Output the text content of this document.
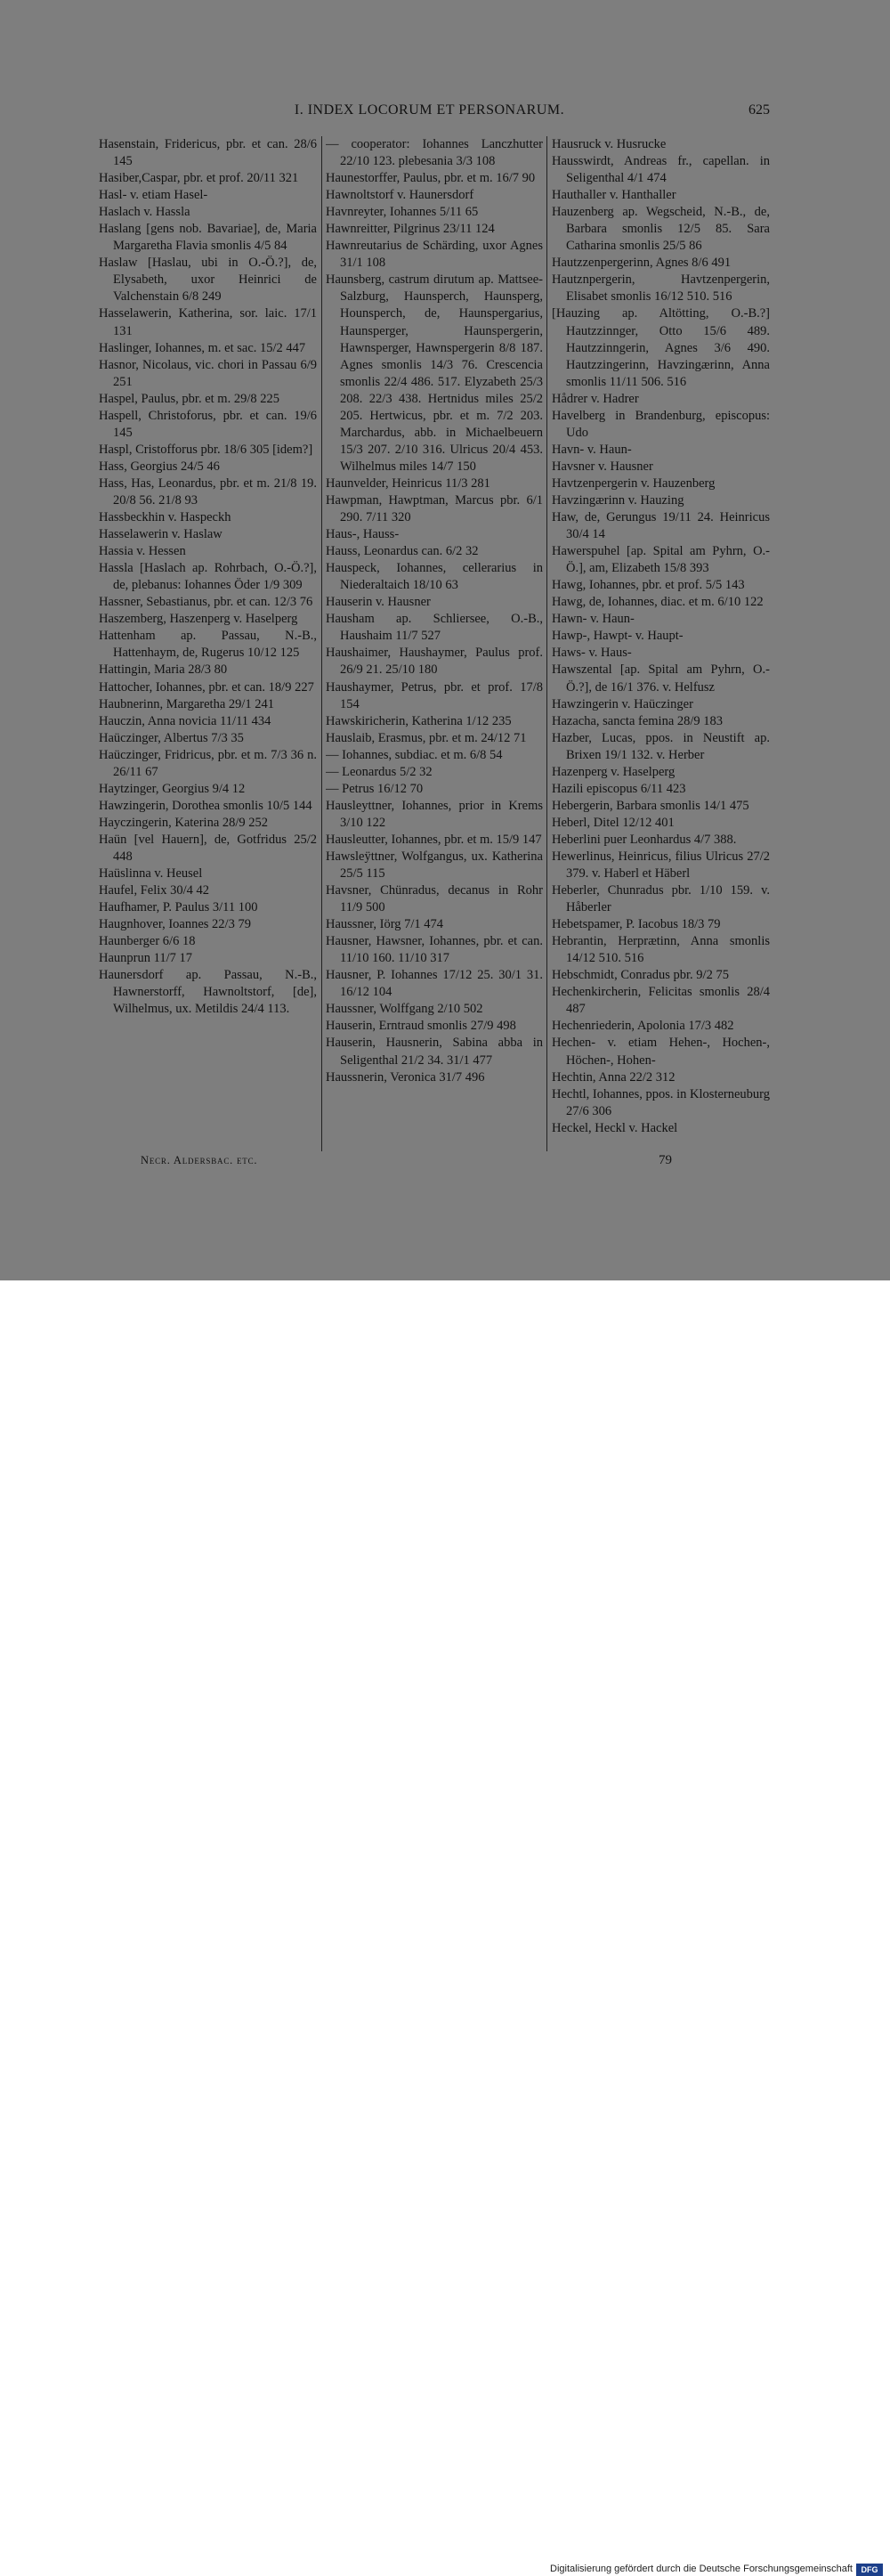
I. INDEX LOCORUM ET PERSONARUM.	625
Hasenstain, Fridericus, pbr. et can. 28/6 145
Hasiber,Caspar, pbr. et prof. 20/11 321
Hasl- v. etiam Hasel-
Haslach v. Hassla
Haslang [gens nob. Bavariae], de, Maria Margaretha Flavia smonlis 4/5 84
Haslaw [Haslau, ubi in O.-Ö.?], de, Elysabeth, uxor Heinrici de Valchenstain 6/8 249
Hasselawerin, Katherina, sor. laic. 17/1 131
Haslinger, Iohannes, m. et sac. 15/2 447
Hasnor, Nicolaus, vic. chori in Passau 6/9 251
Haspel, Paulus, pbr. et m. 29/8 225
Haspell, Christoforus, pbr. et can. 19/6 145
Haspl, Cristofforus pbr. 18/6 305 [idem?]
Hass, Georgius 24/5 46
Hass, Has, Leonardus, pbr. et m. 21/8 19. 20/8 56. 21/8 93
Hassbeckhin v. Haspeckh
Hasselawerin v. Haslaw
Hassia v. Hessen
Hassla [Haslach ap. Rohrbach, O.-Ö.?], de, plebanus: Iohannes Öder 1/9 309
Hassner, Sebastianus, pbr. et can. 12/3 76
Haszemberg, Haszenperg v. Haselperg
Hattenham ap. Passau, N.-B., Hattenhaym, de, Rugerus 10/12 125
Hattingin, Maria 28/3 80
Hattocher, Iohannes, pbr. et can. 18/9 227
Haubnerinn, Margaretha 29/1 241
Hauczin, Anna novicia 11/11 434
Haüczinger, Albertus 7/3 35
Haüczinger, Fridricus, pbr. et m. 7/3 36 n. 26/11 67
Haytzinger, Georgius 9/4 12
Hawzingerin, Dorothea smonlis 10/5 144
Hayczingerin, Katerina 28/9 252
Haün [vel Hauern], de, Gotfridus 25/2 448
Haüslinna v. Heusel
Haufel, Felix 30/4 42
Haufhamer, P. Paulus 3/11 100
Haugnhover, Ioannes 22/3 79
Haunberger 6/6 18
Haunprun 11/7 17
Haunersdorf ap. Passau, N.-B., Hawnerstorff, Hawnoltstorf, [de], Wilhelmus, ux. Metildis 24/4 113.
— cooperator: Iohannes Lanczhutter 22/10 123. plebesania 3/3 108
Haunestorffer, Paulus, pbr. et m. 16/7 90
Hawnoltstorf v. Haunersdorf
Havnreyter, Iohannes 5/11 65
Hawnreitter, Pilgrinus 23/11 124
Hawnreutarius de Schärding, uxor Agnes 31/1 108
Haunsberg, castrum dirutum ap. Mattsee-Salzburg, Haunsperch, Haunsperg, Hounsperch, de, Haunspergarius, Haunsperger, Haunspergerin, Hawnsperger, Hawnspergerin 8/8 187. Agnes smonlis 14/3 76. Crescencia smonlis 22/4 486. 517. Elyzabeth 25/3 208. 22/3 438. Hertnidus miles 25/2 205. Hertwicus, pbr. et m. 7/2 203. Marchardus, abb. in Michaelbeuern 15/3 207. 2/10 316. Ulricus 20/4 453. Wilhelmus miles 14/7 150
Haunvelder, Heinricus 11/3 281
Hawpman, Hawptman, Marcus pbr. 6/1 290. 7/11 320
Haus-, Hauss-
Hauss, Leonardus can. 6/2 32
Hauspeck, Iohannes, cellerarius in Niederaltaich 18/10 63
Hauserin v. Hausner
Hausham ap. Schliersee, O.-B., Haushaim 11/7 527
Haushaimer, Haushaymer, Paulus prof. 26/9 21. 25/10 180
Haushaymer, Petrus, pbr. et prof. 17/8 154
Hawskiricherin, Katherina 1/12 235
Hauslaib, Erasmus, pbr. et m. 24/12 71
— Iohannes, subdiac. et m. 6/8 54
— Leonardus 5/2 32
— Petrus 16/12 70
Hausleyttner, Iohannes, prior in Krems 3/10 122
Hausleutter, Iohannes, pbr. et m. 15/9 147
Hawsleÿttner, Wolfgangus, ux. Katherina 25/5 115
Havsner, Chünradus, decanus in Rohr 11/9 500
Haussner, Iörg 7/1 474
Hausner, Hawsner, Iohannes, pbr. et can. 11/10 160. 11/10 317
Hausner, P. Iohannes 17/12 25. 30/1 31. 16/12 104
Haussner, Wolffgang 2/10 502
Hauserin, Erntraud smonlis 27/9 498
Hauserin, Hausnerin, Sabina abba in Seligenthal 21/2 34. 31/1 477
Haussnerin, Veronica 31/7 496
Hausruck v. Husrucke
Hausswirdt, Andreas fr., capellan. in Seligenthal 4/1 474
Hauthaller v. Hanthaller
Hauzenberg ap. Wegscheid, N.-B., de, Barbara smonlis 12/5 85. Sara Catharina smonlis 25/5 86
Hautzzenpergerinn, Agnes 8/6 491
Hautznpergerin, Havtzenpergerin, Elisabet smonlis 16/12 510. 516
[Hauzing ap. Altötting, O.-B.?] Hautzzinnger, Otto 15/6 489. Hautzzinngerin, Agnes 3/6 490. Hautzzingerinn, Havzingærinn, Anna smonlis 11/11 506. 516
Hådrer v. Hadrer
Havelberg in Brandenburg, episcopus: Udo
Havn- v. Haun-
Havsner v. Hausner
Havtzenpergerin v. Hauzenberg
Havzingærinn v. Hauzing
Haw, de, Gerungus 19/11 24. Heinricus 30/4 14
Hawerspuhel [ap. Spital am Pyhrn, O.-Ö.], am, Elizabeth 15/8 393
Hawg, Iohannes, pbr. et prof. 5/5 143
Hawg, de, Iohannes, diac. et m. 6/10 122
Hawn- v. Haun-
Hawp-, Hawpt- v. Haupt-
Haws- v. Haus-
Hawszental [ap. Spital am Pyhrn, O.-Ö.?], de 16/1 376. v. Helfusz
Hawzingerin v. Haüczinger
Hazacha, sancta femina 28/9 183
Hazber, Lucas, ppos. in Neustift ap. Brixen 19/1 132. v. Herber
Hazenperg v. Haselperg
Hazili episcopus 6/11 423
Hebergerin, Barbara smonlis 14/1 475
Heberl, Ditel 12/12 401
Heberlini puer Leonhardus 4/7 388.
Hewerlinus, Heinricus, filius Ulricus 27/2 379. v. Haberl et Häberl
Heberler, Chunradus pbr. 1/10 159. v. Håberler
Hebetspamer, P. Iacobus 18/3 79
Hebrantin, Herprætinn, Anna smonlis 14/12 510. 516
Hebschmidt, Conradus pbr. 9/2 75
Hechenkircherin, Felicitas smonlis 28/4 487
Hechenriederin, Apolonia 17/3 482
Hechen- v. etiam Hehen-, Hochen-, Höchen-, Hohen-
Hechtin, Anna 22/2 312
Hechtl, Iohannes, ppos. in Klosterneuburg 27/6 306
Heckel, Heckl v. Hackel
Necr. Aldersbac. etc.	79
Digitalisierung gefördert durch die Deutsche Forschungsgemeinschaft	DFG
